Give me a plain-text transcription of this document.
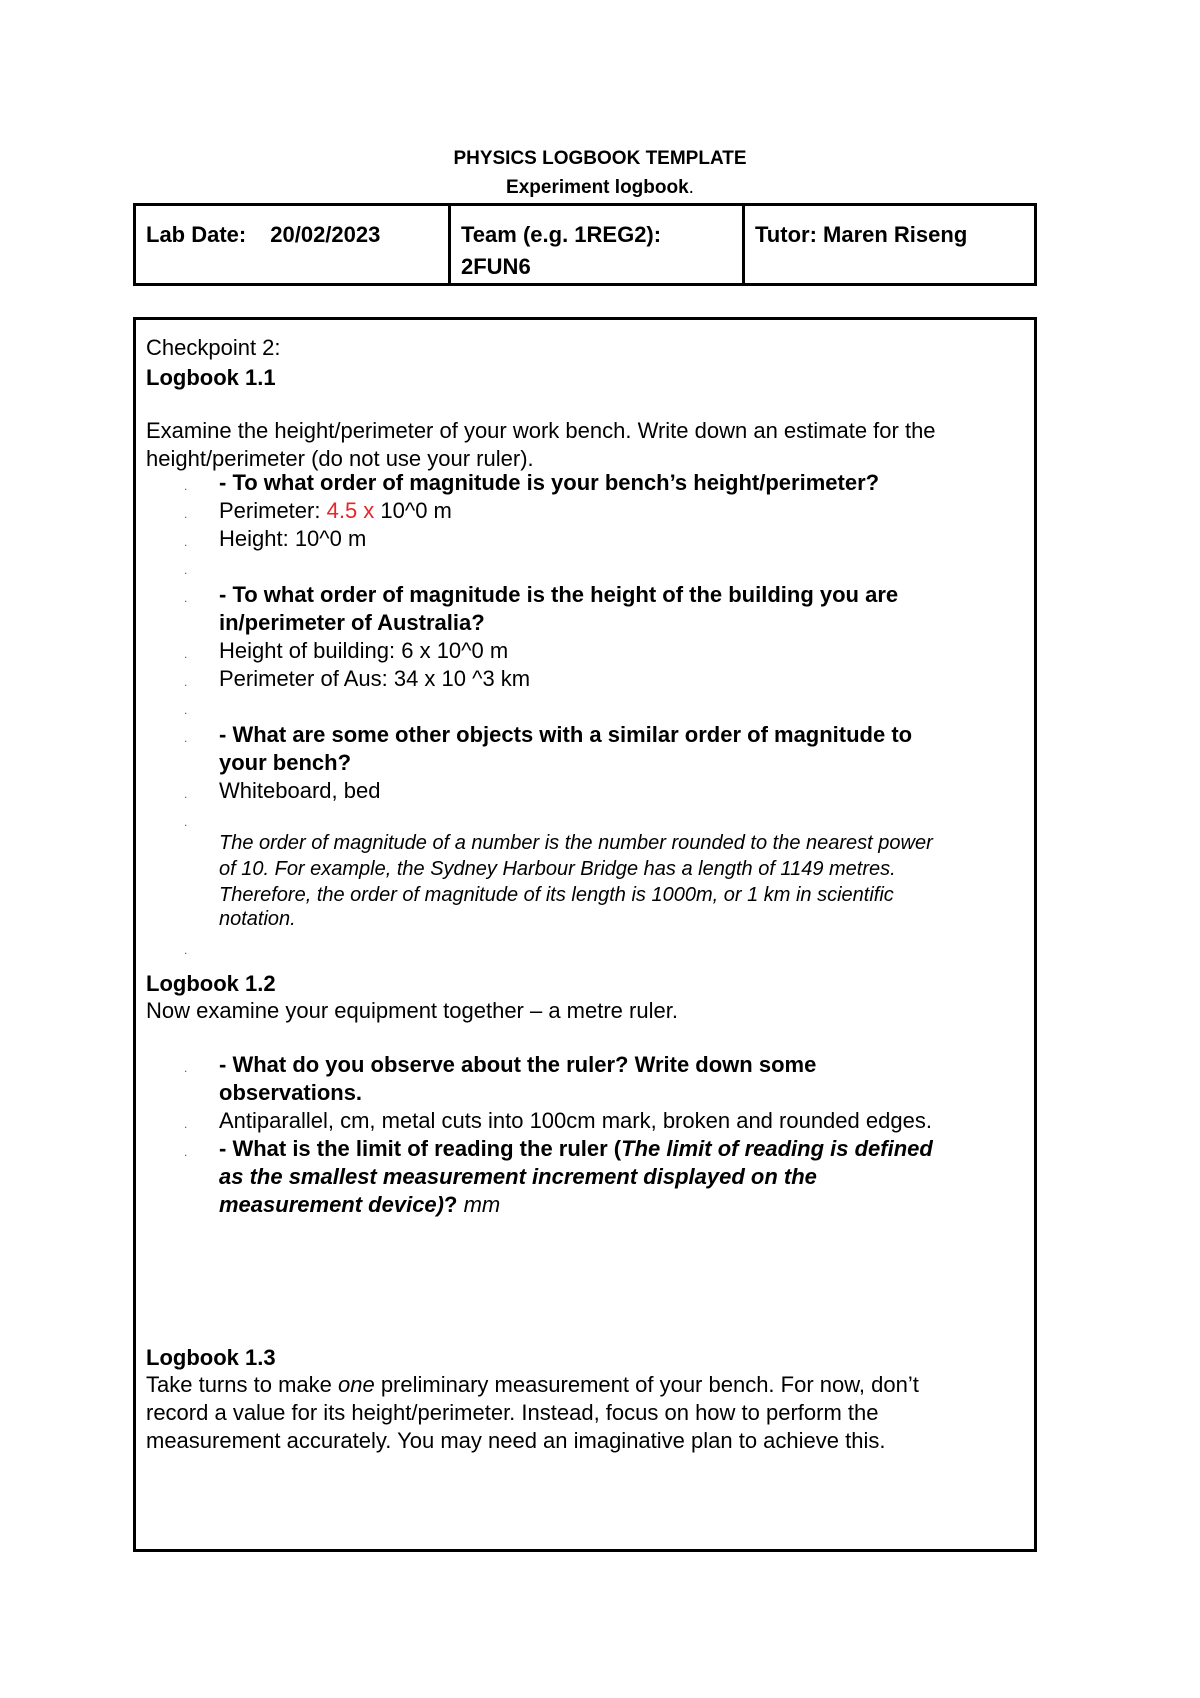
PHYSICS LOGBOOK TEMPLATE
Experiment logbook.
Lab Date: 20/02/2023	Team (e.g. 1REG2):
2FUN6
Tutor: Maren Riseng
Checkpoint 2:
Logbook 1.1
Examine the height/perimeter of your work bench. Write down an estimate for the
height/perimeter (do not use your ruler).
. - To what order of magnitude is your bench’s height/perimeter?
. Perimeter: 4.5 x 10^0 m
. Height: 10^0 m
.
. - To what order of magnitude is the height of the building you are
in/perimeter of Australia?
. Height of building: 6 x 10^0 m
. Perimeter of Aus: 34 x 10 ^3 km
.
. - What are some other objects with a similar order of magnitude to
your bench?
. Whiteboard, bed
.
The order of magnitude of a number is the number rounded to the nearest power
of 10. For example, the Sydney Harbour Bridge has a length of 1149 metres.
Therefore, the order of magnitude of its length is 1000m, or 1 km in scientific
notation.
.
Logbook 1.2
Now examine your equipment together – a metre ruler.
. - What do you observe about the ruler? Write down some
observations.
. Antiparallel, cm, metal cuts into 100cm mark, broken and rounded edges.
. - What is the limit of reading the ruler (The limit of reading is defined
as the smallest measurement increment displayed on the
measurement device)? mm
Logbook 1.3
Take turns to make one preliminary measurement of your bench. For now, don’t
record a value for its height/perimeter. Instead, focus on how to perform the
measurement accurately. You may need an imaginative plan to achieve this.
